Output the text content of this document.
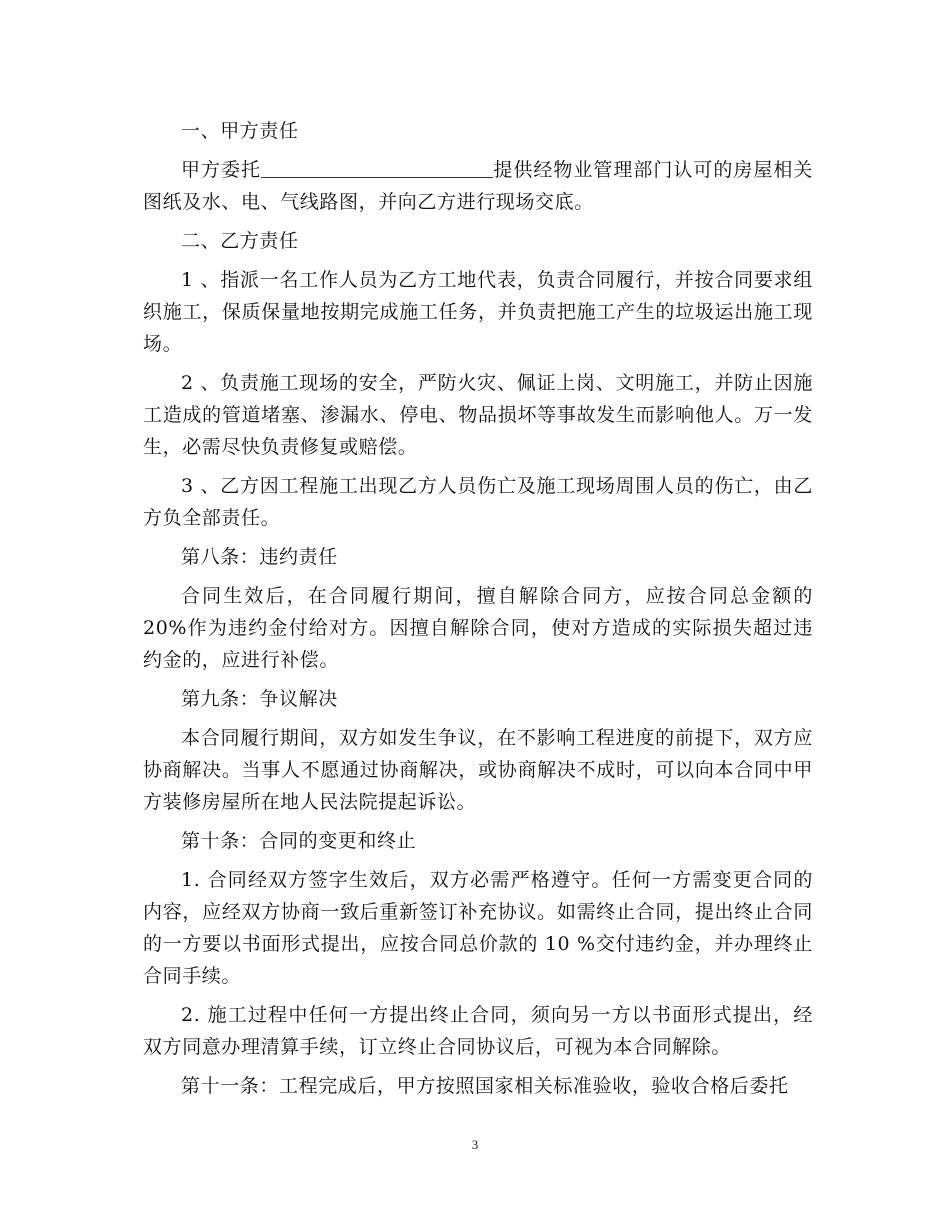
一、甲方责任

甲方委托	提供经物业管理部门认可的房屋相关图纸及水、电、气线路图，并向乙方进行现场交底。

二、乙方责任

1 、指派一名工作人员为乙方工地代表，负责合同履行，并按合同要求组织施工，保质保量地按期完成施工任务，并负责把施工产生的垃圾运出施工现场。

2 、负责施工现场的安全，严防火灾、佩证上岗、文明施工，并防止因施工造成的管道堵塞、渗漏水、停电、物品损坏等事故发生而影响他人。万一发生，必需尽快负责修复或赔偿。

3 、乙方因工程施工出现乙方人员伤亡及施工现场周围人员的伤亡，由乙方负全部责任。

第八条：违约责任

合同生效后，在合同履行期间，擅自解除合同方，应按合同总金额的20%作为违约金付给对方。因擅自解除合同，使对方造成的实际损失超过违约金的，应进行补偿。

第九条：争议解决

本合同履行期间，双方如发生争议，在不影响工程进度的前提下，双方应协商解决。当事人不愿通过协商解决，或协商解决不成时，可以向本合同中甲方装修房屋所在地人民法院提起诉讼。

第十条：合同的变更和终止

1. 合同经双方签字生效后，双方必需严格遵守。任何一方需变更合同的内容，应经双方协商一致后重新签订补充协议。如需终止合同，提出终止合同的一方要以书面形式提出，应按合同总价款的 10 %交付违约金，并办理终止合同手续。

2. 施工过程中任何一方提出终止合同，须向另一方以书面形式提出，经双方同意办理清算手续，订立终止合同协议后，可视为本合同解除。

第十一条：工程完成后，甲方按照国家相关标准验收，验收合格后委托

3
